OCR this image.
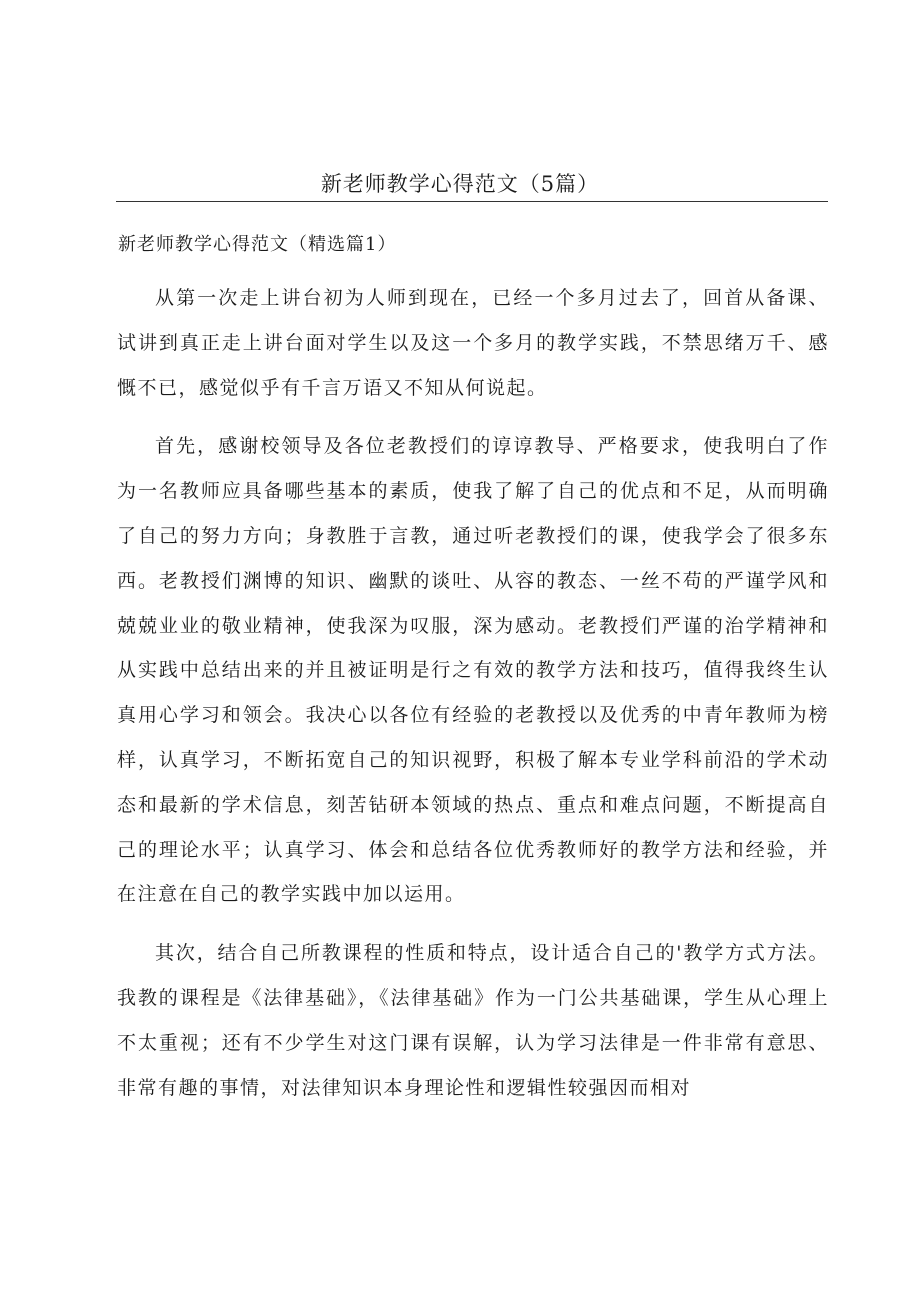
新老师教学心得范文（5篇）
新老师教学心得范文（精选篇1）

从第一次走上讲台初为人师到现在，已经一个多月过去了，回首从备课、试讲到真正走上讲台面对学生以及这一个多月的教学实践，不禁思绪万千、感慨不已，感觉似乎有千言万语又不知从何说起。

首先，感谢校领导及各位老教授们的谆谆教导、严格要求，使我明白了作为一名教师应具备哪些基本的素质，使我了解了自己的优点和不足，从而明确了自己的努力方向；身教胜于言教，通过听老教授们的课，使我学会了很多东西。老教授们渊博的知识、幽默的谈吐、从容的教态、一丝不苟的严谨学风和兢兢业业的敬业精神，使我深为叹服，深为感动。老教授们严谨的治学精神和从实践中总结出来的并且被证明是行之有效的教学方法和技巧，值得我终生认真用心学习和领会。我决心以各位有经验的老教授以及优秀的中青年教师为榜样，认真学习，不断拓宽自己的知识视野，积极了解本专业学科前沿的学术动态和最新的学术信息，刻苦钻研本领域的热点、重点和难点问题，不断提高自己的理论水平；认真学习、体会和总结各位优秀教师好的教学方法和经验，并在注意在自己的教学实践中加以运用。

其次，结合自己所教课程的性质和特点，设计适合自己的'教学方式方法。我教的课程是《法律基础》，《法律基础》作为一门公共基础课，学生从心理上不太重视；还有不少学生对这门课有误解，认为学习法律是一件非常有意思、非常有趣的事情，对法律知识本身理论性和逻辑性较强因而相对
